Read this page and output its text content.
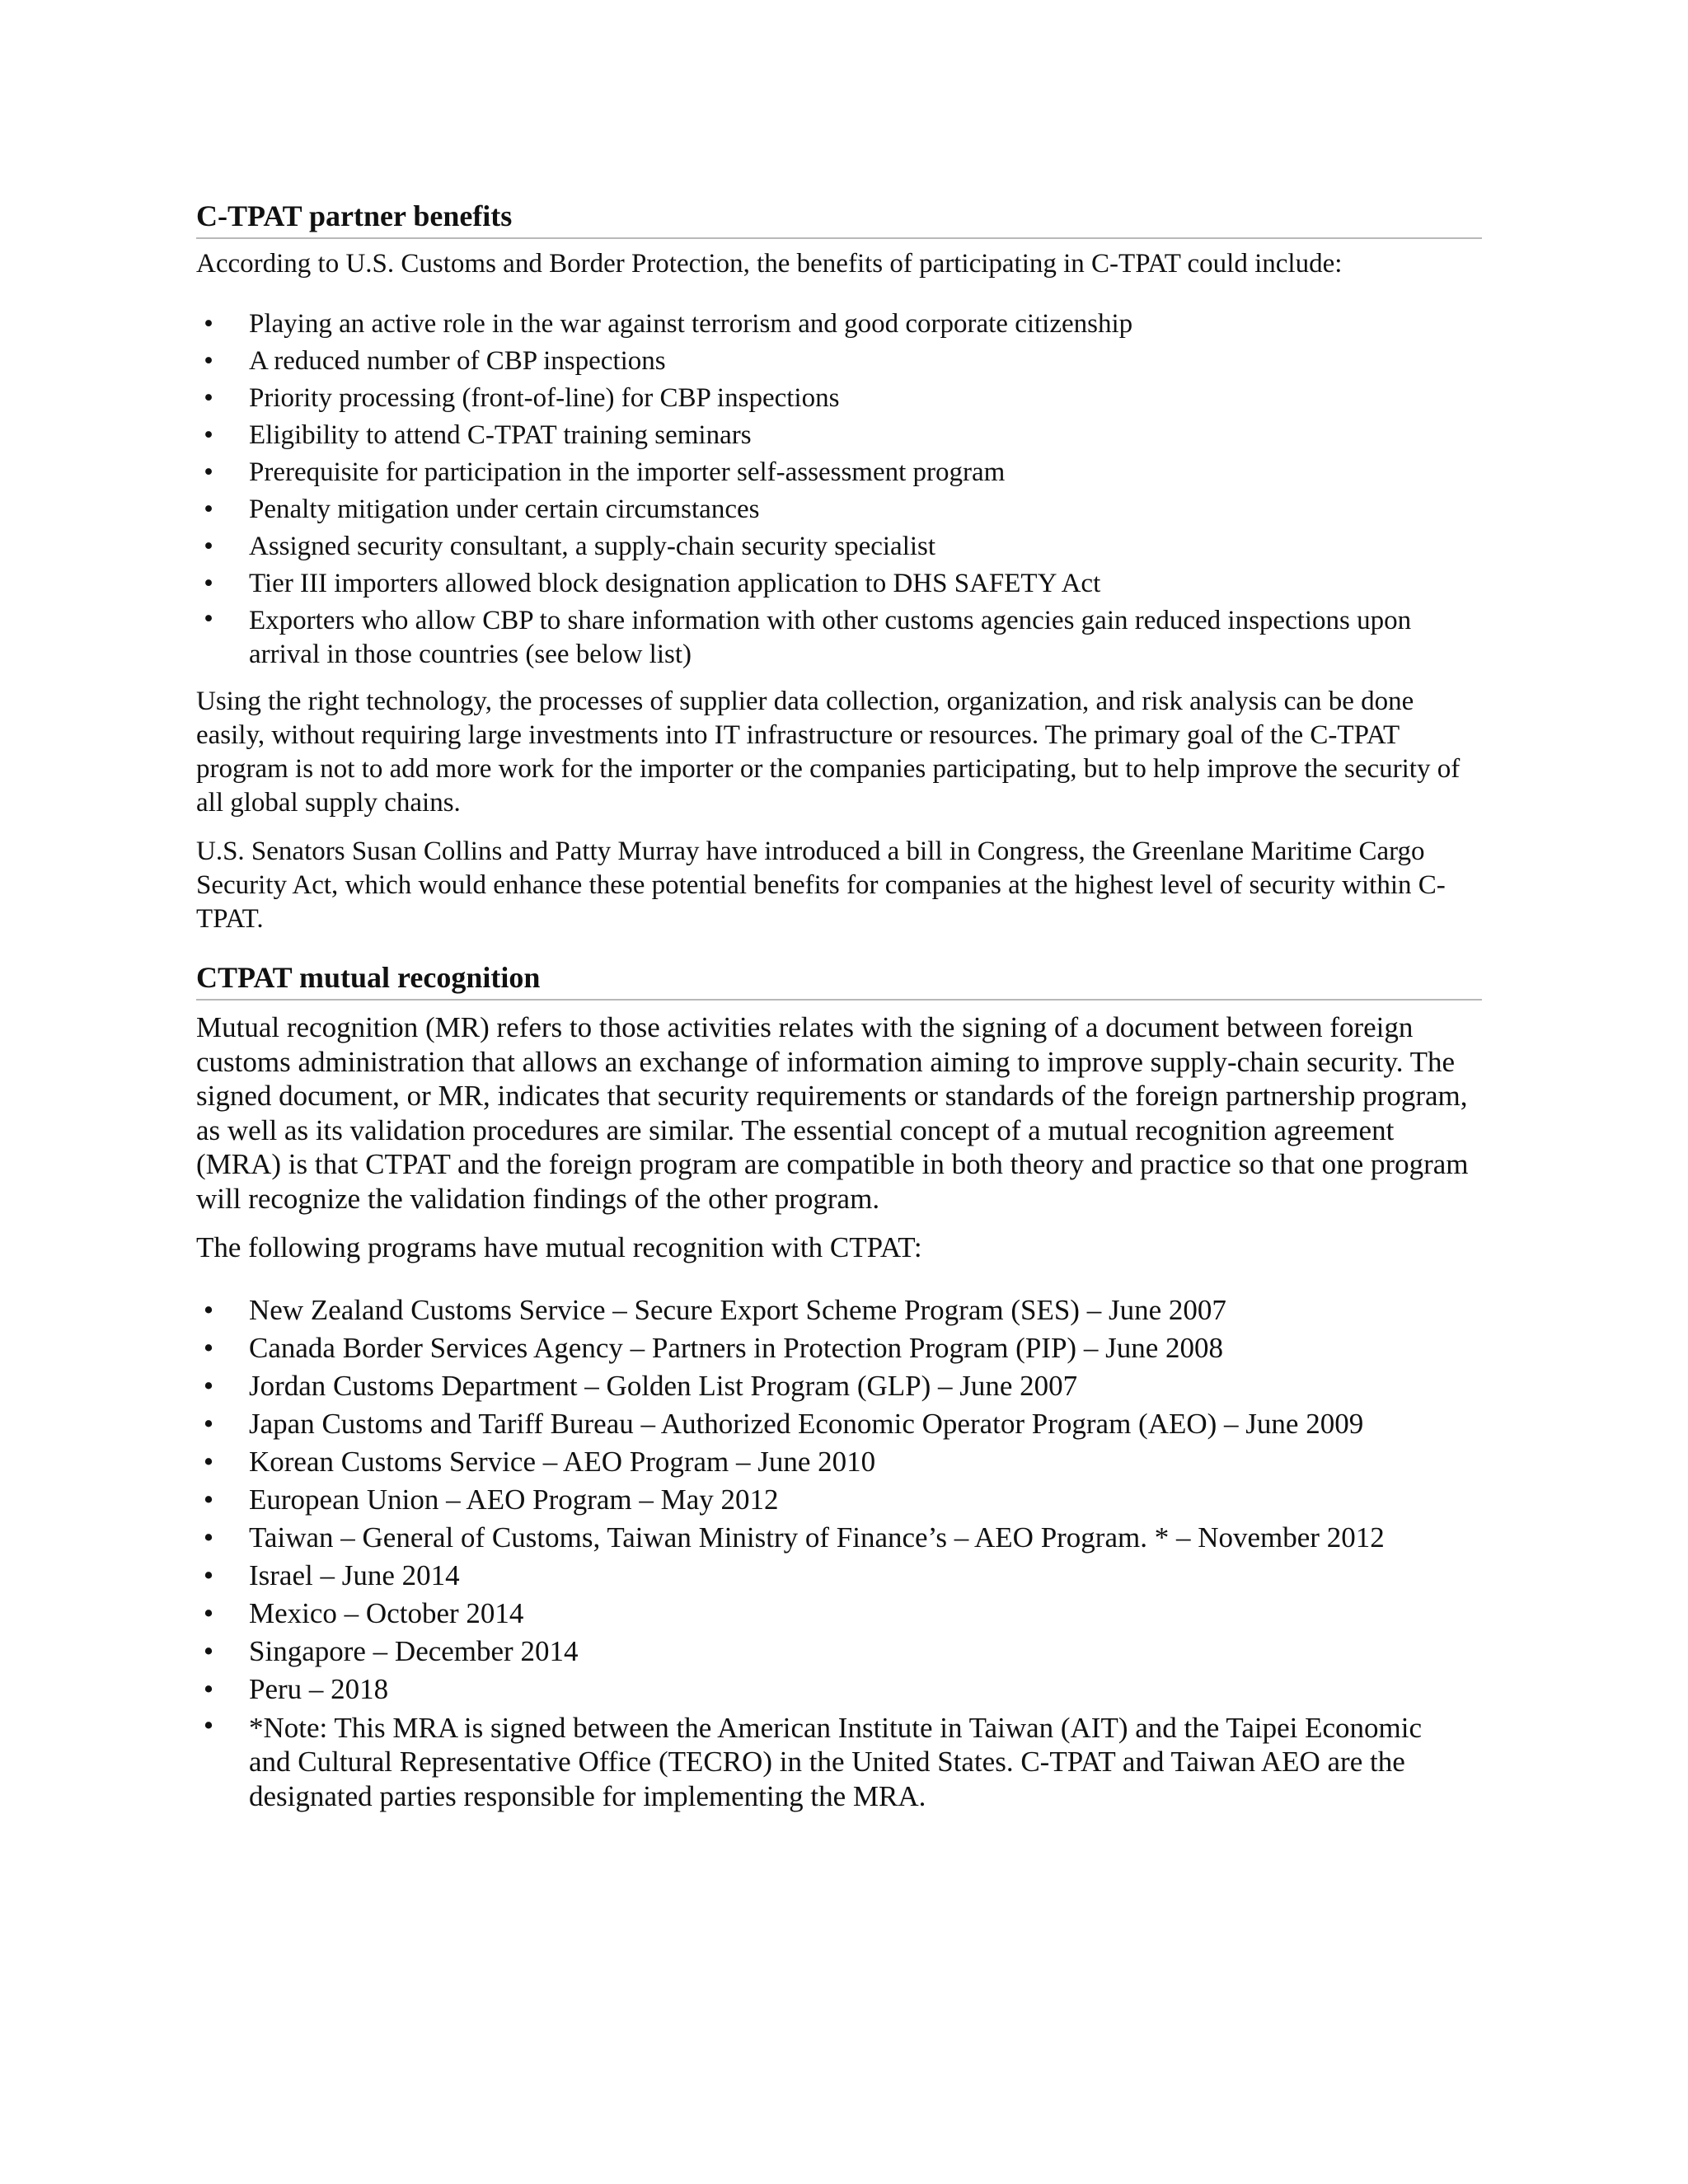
C-TPAT partner benefits

According to U.S. Customs and Border Protection, the benefits of participating in C-TPAT could include:

• Playing an active role in the war against terrorism and good corporate citizenship
• A reduced number of CBP inspections
• Priority processing (front-of-line) for CBP inspections
• Eligibility to attend C-TPAT training seminars
• Prerequisite for participation in the importer self-assessment program
• Penalty mitigation under certain circumstances
• Assigned security consultant, a supply-chain security specialist
• Tier III importers allowed block designation application to DHS SAFETY Act
• Exporters who allow CBP to share information with other customs agencies gain reduced inspections upon arrival in those countries (see below list)

Using the right technology, the processes of supplier data collection, organization, and risk analysis can be done easily, without requiring large investments into IT infrastructure or resources. The primary goal of the C-TPAT program is not to add more work for the importer or the companies participating, but to help improve the security of all global supply chains.

U.S. Senators Susan Collins and Patty Murray have introduced a bill in Congress, the Greenlane Maritime Cargo Security Act, which would enhance these potential benefits for companies at the highest level of security within C-TPAT.

CTPAT mutual recognition

Mutual recognition (MR) refers to those activities relates with the signing of a document between foreign customs administration that allows an exchange of information aiming to improve supply-chain security. The signed document, or MR, indicates that security requirements or standards of the foreign partnership program, as well as its validation procedures are similar. The essential concept of a mutual recognition agreement (MRA) is that CTPAT and the foreign program are compatible in both theory and practice so that one program will recognize the validation findings of the other program.

The following programs have mutual recognition with CTPAT:

• New Zealand Customs Service – Secure Export Scheme Program (SES) – June 2007
• Canada Border Services Agency – Partners in Protection Program (PIP) – June 2008
• Jordan Customs Department – Golden List Program (GLP) – June 2007
• Japan Customs and Tariff Bureau – Authorized Economic Operator Program (AEO) – June 2009
• Korean Customs Service – AEO Program – June 2010
• European Union – AEO Program – May 2012
• Taiwan – General of Customs, Taiwan Ministry of Finance’s – AEO Program. * – November 2012
• Israel – June 2014
• Mexico – October 2014
• Singapore – December 2014
• Peru – 2018
• *Note: This MRA is signed between the American Institute in Taiwan (AIT) and the Taipei Economic and Cultural Representative Office (TECRO) in the United States. C-TPAT and Taiwan AEO are the designated parties responsible for implementing the MRA.
